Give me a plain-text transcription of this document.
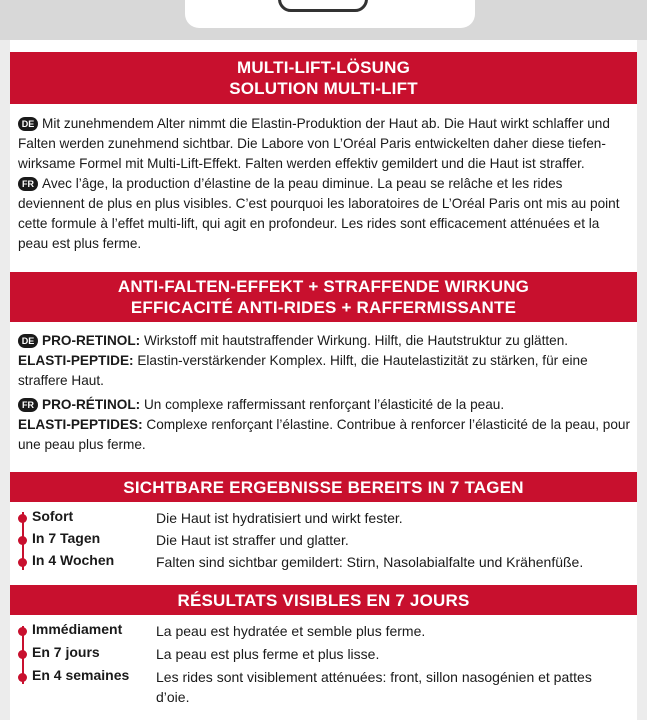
MULTI-LIFT-LÖSUNG
SOLUTION MULTI-LIFT
DE Mit zunehmendem Alter nimmt die Elastin-Produktion der Haut ab. Die Haut wirkt schlaffer und Falten werden zunehmend sichtbar. Die Labore von L’Oréal Paris entwickelten daher diese tiefen-wirksame Formel mit Multi-Lift-Effekt. Falten werden effektiv gemildert und die Haut ist straffer.
FR Avec l’âge, la production d’élastine de la peau diminue. La peau se relâche et les rides deviennent de plus en plus visibles. C’est pourquoi les laboratoires de L’Oréal Paris ont mis au point cette formule à l’effet multi-lift, qui agit en profondeur. Les rides sont efficacement atténuées et la peau est plus ferme.
ANTI-FALTEN-EFFEKT + STRAFFENDE WIRKUNG
EFFICACITÉ ANTI-RIDES + RAFFERMISSANTE
DE PRO-RETINOL: Wirkstoff mit hautstraffender Wirkung. Hilft, die Hautstruktur zu glätten.
ELASTI-PEPTIDE: Elastin-verstärkender Komplex. Hilft, die Hautelastizität zu stärken, für eine straffere Haut.
FR PRO-RÉTINOL: Un complexe raffermissant renforçant l’élasticité de la peau.
ELASTI-PEPTIDES: Complexe renforçant l’élastine. Contribue à renforcer l’élasticité de la peau, pour une peau plus ferme.
SICHTBARE ERGEBNISSE BEREITS IN 7 TAGEN
Sofort	Die Haut ist hydratisiert und wirkt fester.
In 7 Tagen	Die Haut ist straffer und glatter.
In 4 Wochen	Falten sind sichtbar gemildert: Stirn, Nasolabialfalte und Krähenfüße.
RÉSULTATS VISIBLES EN 7 JOURS
Immédiament La peau est hydratée et semble plus ferme.
En 7 jours	La peau est plus ferme et plus lisse.
En 4 semaines Les rides sont visiblement atténuées: front, sillon nasogénien et pattes d’oie.
